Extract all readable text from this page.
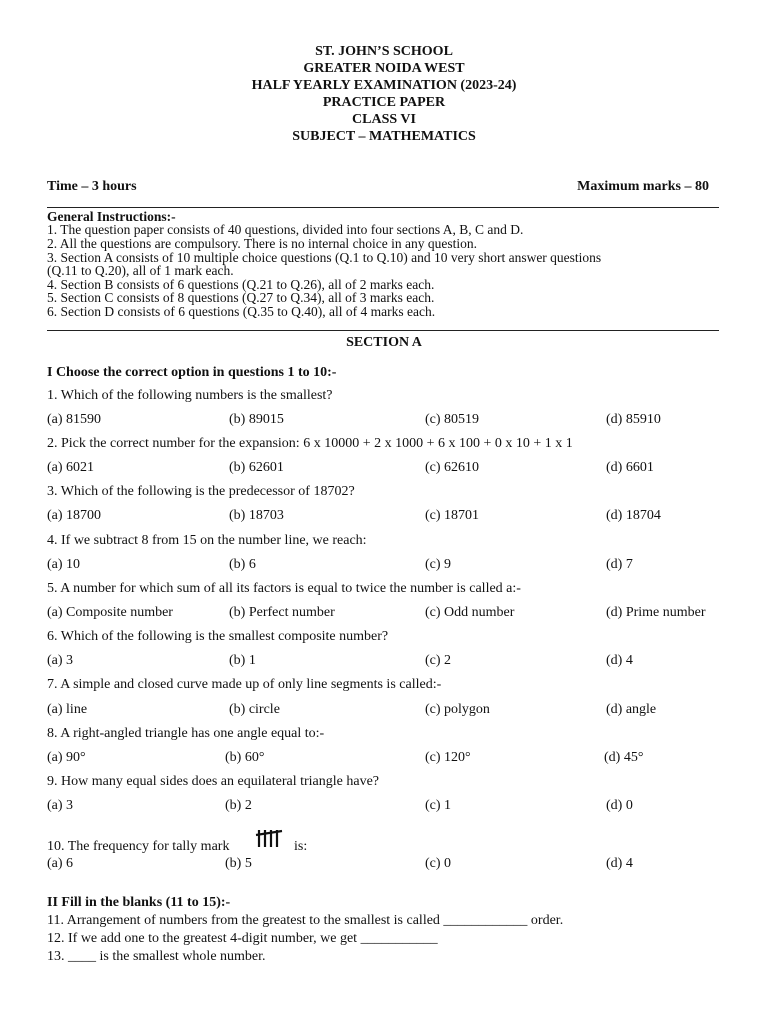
ST. JOHN’S SCHOOL
GREATER NOIDA WEST
HALF YEARLY EXAMINATION (2023-24)
PRACTICE PAPER
CLASS VI
SUBJECT – MATHEMATICS
Time – 3 hours	Maximum marks – 80
General Instructions:-
1. The question paper consists of 40 questions, divided into four sections A, B, C and D.
2. All the questions are compulsory. There is no internal choice in any question.
3. Section A consists of 10 multiple choice questions (Q.1 to Q.10) and 10 very short answer questions
(Q.11 to Q.20), all of 1 mark each.
4. Section B consists of 6 questions (Q.21 to Q.26), all of 2 marks each.
5. Section C consists of 8 questions (Q.27 to Q.34), all of 3 marks each.
6. Section D consists of 6 questions (Q.35 to Q.40), all of 4 marks each.
SECTION A
I Choose the correct option in questions 1 to 10:-
1. Which of the following numbers is the smallest?
(a) 81590	(b) 89015	(c) 80519	(d) 85910
2. Pick the correct number for the expansion: 6 x 10000 + 2 x 1000 + 6 x 100 + 0 x 10 + 1 x 1
(a) 6021	(b) 62601	(c) 62610	(d) 6601
3. Which of the following is the predecessor of 18702?
(a) 18700	(b) 18703	(c) 18701	(d) 18704
4. If we subtract 8 from 15 on the number line, we reach:
(a) 10	(b) 6	(c) 9	(d) 7
5. A number for which sum of all its factors is equal to twice the number is called a:-
(a) Composite number	(b) Perfect number	(c) Odd number	(d) Prime number
6. Which of the following is the smallest composite number?
(a) 3	(b) 1	(c) 2	(d) 4
7. A simple and closed curve made up of only line segments is called:-
(a) line	(b) circle	(c) polygon	(d) angle
8. A right-angled triangle has one angle equal to:-
(a) 90°	(b) 60°	(c) 120°	(d) 45°
9. How many equal sides does an equilateral triangle have?
(a) 3	(b) 2	(c) 1	(d) 0
10. The frequency for tally mark	is:
(a) 6	(b) 5	(c) 0	(d) 4
II Fill in the blanks (11 to 15):-
11. Arrangement of numbers from the greatest to the smallest is called ____________ order.
12. If we add one to the greatest 4-digit number, we get ___________
13. ____ is the smallest whole number.
